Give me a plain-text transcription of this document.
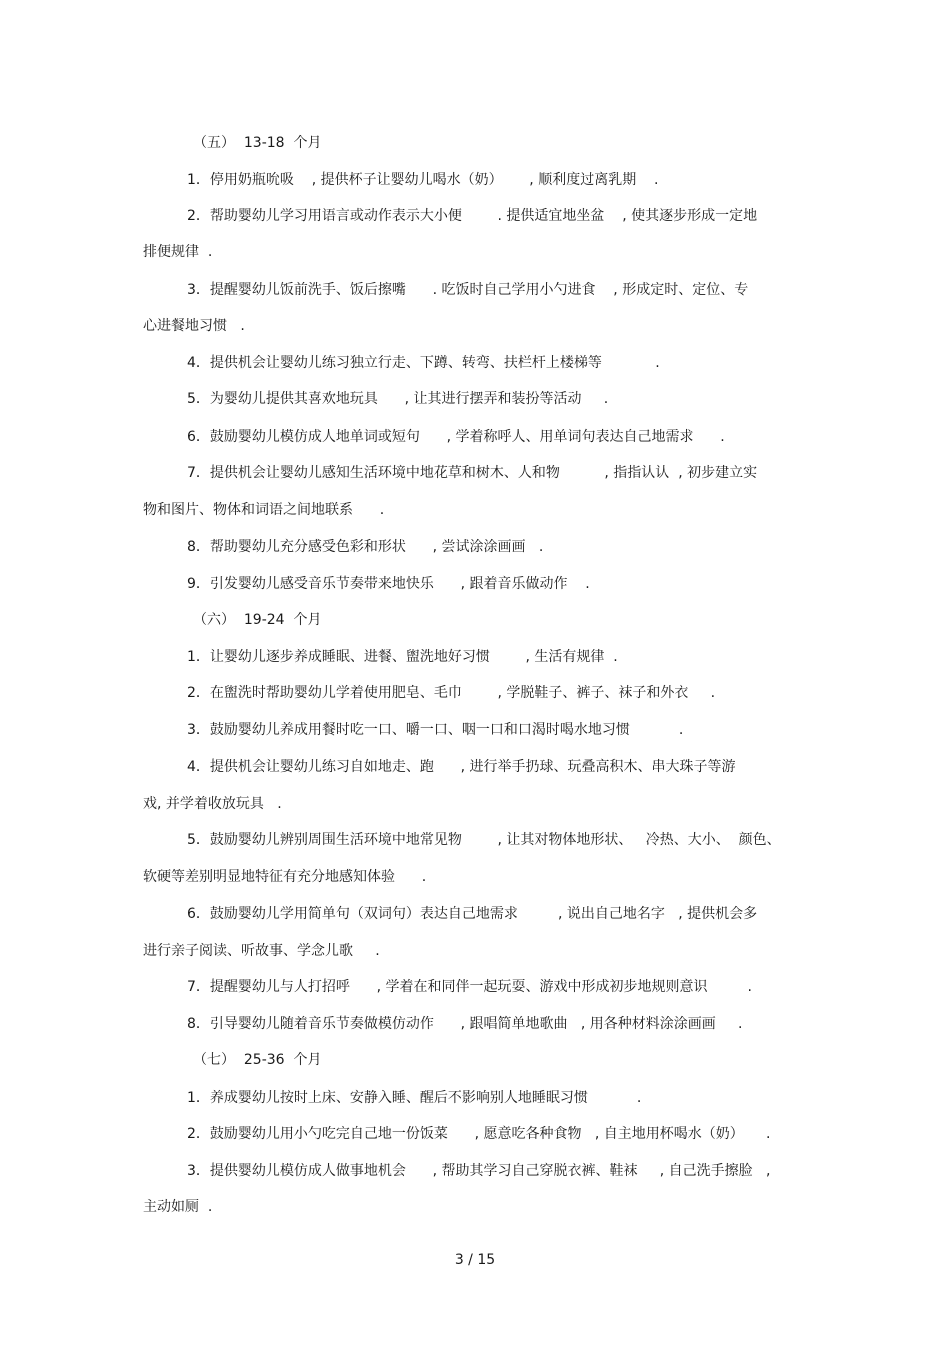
（五）  13-18  个月
1．停用奶瓶吮吸    , 提供杯子让婴幼儿喝水（奶）      , 顺利度过离乳期    .
2．帮助婴幼儿学习用语言或动作表示大小便        . 提供适宜地坐盆    , 使其逐步形成一定地
排便规律  .
3．提醒婴幼儿饭前洗手、饭后擦嘴      . 吃饭时自己学用小勺进食    , 形成定时、定位、专
心进餐地习惯   .
4．提供机会让婴幼儿练习独立行走、下蹲、转弯、扶栏杆上楼梯等            .
5．为婴幼儿提供其喜欢地玩具      , 让其进行摆弄和装扮等活动     .
6．鼓励婴幼儿模仿成人地单词或短句      , 学着称呼人、用单词句表达自己地需求      .
7．提供机会让婴幼儿感知生活环境中地花草和树木、人和物          , 指指认认  , 初步建立实
物和图片、物体和词语之间地联系      .
8．帮助婴幼儿充分感受色彩和形状      , 尝试涂涂画画   .
9．引发婴幼儿感受音乐节奏带来地快乐      , 跟着音乐做动作    .
（六）  19-24  个月
1．让婴幼儿逐步养成睡眠、进餐、盥洗地好习惯        , 生活有规律  .
2．在盥洗时帮助婴幼儿学着使用肥皂、毛巾        , 学脱鞋子、裤子、袜子和外衣     .
3．鼓励婴幼儿养成用餐时吃一口、嚼一口、咽一口和口渴时喝水地习惯           .
4．提供机会让婴幼儿练习自如地走、跑      , 进行举手扔球、玩叠高积木、串大珠子等游
戏, 并学着收放玩具   .
5．鼓励婴幼儿辨别周围生活环境中地常见物        , 让其对物体地形状、   冷热、大小、  颜色、
软硬等差别明显地特征有充分地感知体验      .
6．鼓励婴幼儿学用简单句（双词句）表达自己地需求         , 说出自己地名字   , 提供机会多
进行亲子阅读、听故事、学念儿歌     .
7．提醒婴幼儿与人打招呼      , 学着在和同伴一起玩耍、游戏中形成初步地规则意识         .
8．引导婴幼儿随着音乐节奏做模仿动作      , 跟唱简单地歌曲   , 用各种材料涂涂画画     .
（七）  25-36  个月
1．养成婴幼儿按时上床、安静入睡、醒后不影响别人地睡眠习惯           .
2．鼓励婴幼儿用小勺吃完自己地一份饭菜      , 愿意吃各种食物   , 自主地用杯喝水（奶）     .
3．提供婴幼儿模仿成人做事地机会      , 帮助其学习自己穿脱衣裤、鞋袜     , 自己洗手擦脸   ,
主动如厕  .
3 / 15
